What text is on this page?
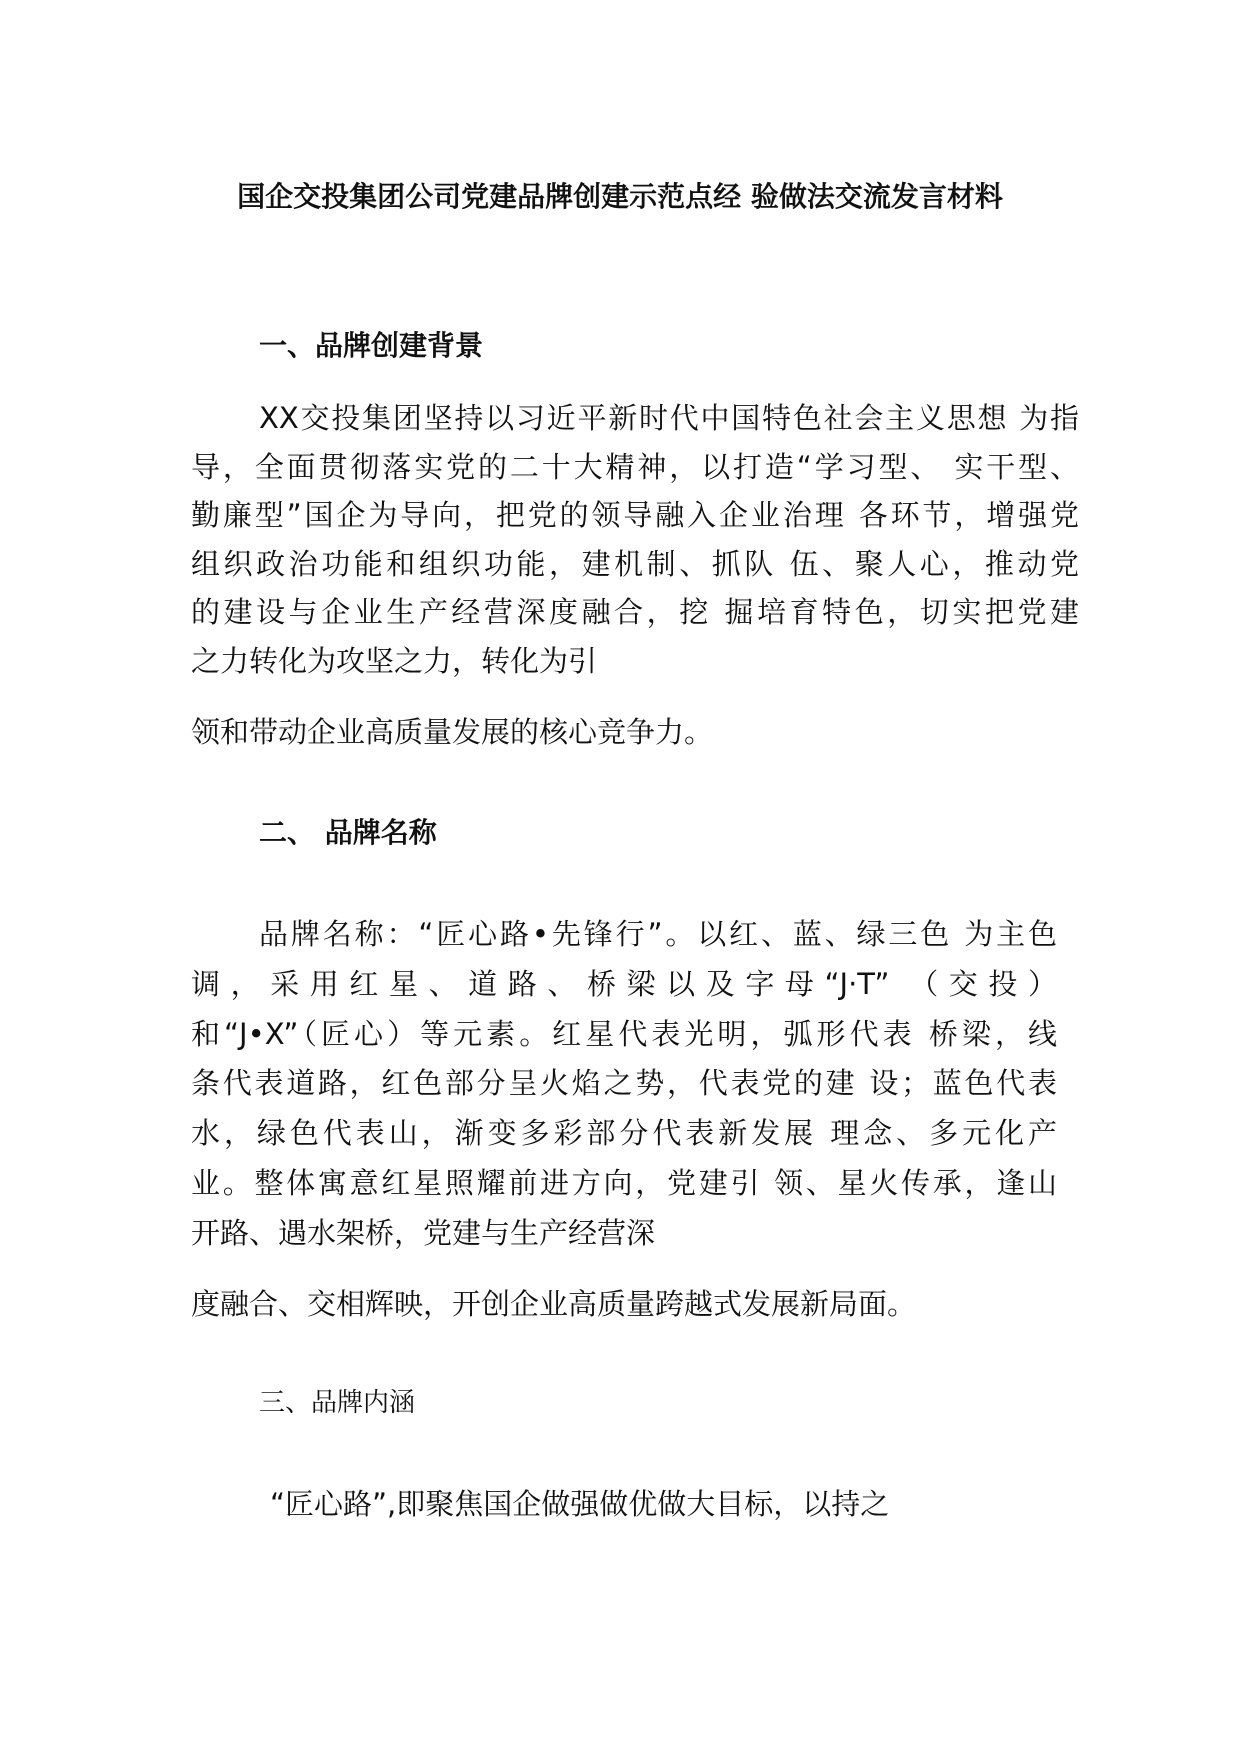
国企交投集团公司党建品牌创建示范点经 验做法交流发言材料
一、品牌创建背景
XX交投集团坚持以习近平新时代中国特色社会主义思想 为指
导，全面贯彻落实党的二十大精神，以打造“学习型、 实干型、
勤廉型”国企为导向，把党的领导融入企业治理 各环节，增强党
组织政治功能和组织功能，建机制、抓队 伍、聚人心，推动党
的建设与企业生产经营深度融合，挖 掘培育特色，切实把党建
之力转化为攻坚之力，转化为引
领和带动企业高质量发展的核心竞争力。
二、 品牌名称
品牌名称：“匠心路•先锋行”。以红、蓝、绿三色 为主色
调，采用红星、道路、桥梁以及字母“J·T” （交投）
和“J•X”（匠心）等元素。红星代表光明，弧形代表 桥梁，线
条代表道路，红色部分呈火焰之势，代表党的建 设；蓝色代表
水，绿色代表山，渐变多彩部分代表新发展 理念、多元化产
业。整体寓意红星照耀前进方向，党建引 领、星火传承，逢山
开路、遇水架桥，党建与生产经营深
度融合、交相辉映，开创企业高质量跨越式发展新局面。
三、品牌内涵
“匠心路”,即聚焦国企做强做优做大目标，以持之
